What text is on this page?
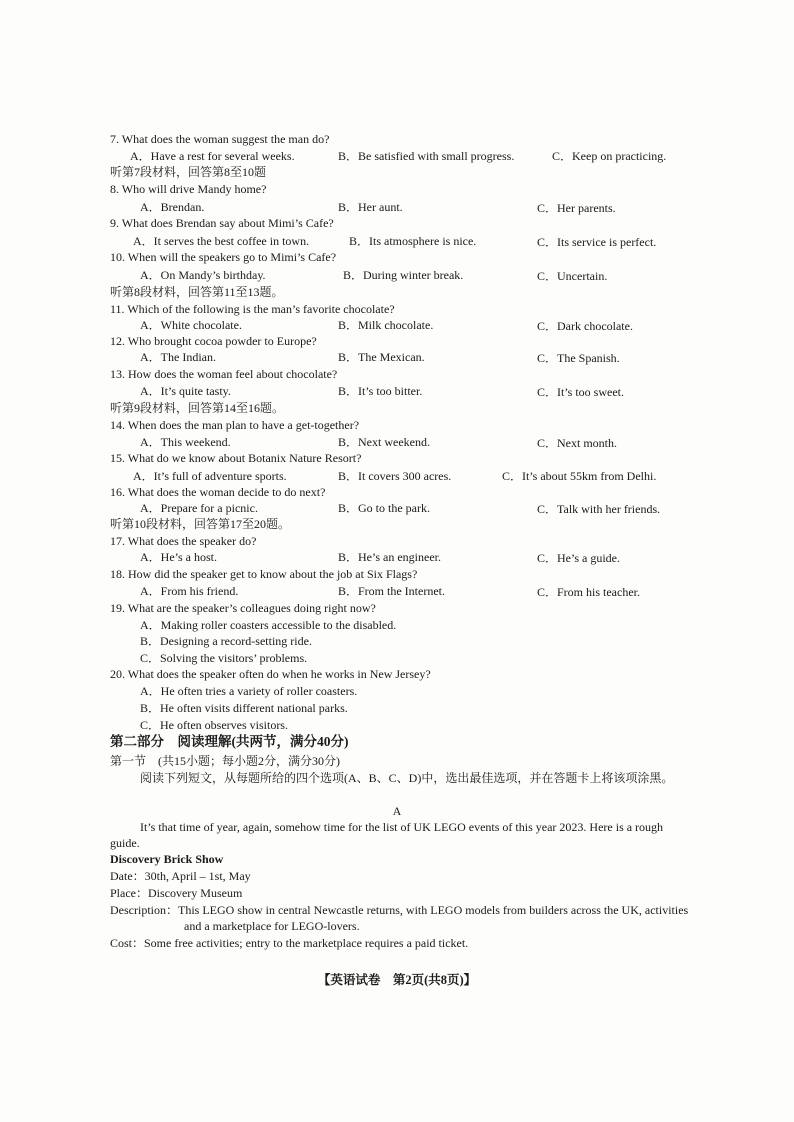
7. What does the woman suggest the man do?
A．Have a rest for several weeks.	B．Be satisfied with small progress.	C．Keep on practicing.
听第7段材料，回答第8至10题
8. Who will drive Mandy home?
A．Brendan.	B．Her aunt.	C．Her parents.
9. What does Brendan say about Mimi’s Cafe?
A．It serves the best coffee in town.	B．Its atmosphere is nice.	C．Its service is perfect.
10. When will the speakers go to Mimi’s Cafe?
A．On Mandy’s birthday.	B．During winter break.	C．Uncertain.
听第8段材料，回答第11至13题。
11. Which of the following is the man’s favorite chocolate?
A．White chocolate.	B．Milk chocolate.	C．Dark chocolate.
12. Who brought cocoa powder to Europe?
A．The Indian.	B．The Mexican.	C．The Spanish.
13. How does the woman feel about chocolate?
A．It’s quite tasty.	B．It’s too bitter.	C．It’s too sweet.
听第9段材料，回答第14至16题。
14. When does the man plan to have a get-together?
A．This weekend.	B．Next weekend.	C．Next month.
15. What do we know about Botanix Nature Resort?
A．It’s full of adventure sports.	B．It covers 300 acres.	C．It’s about 55km from Delhi.
16. What does the woman decide to do next?
A．Prepare for a picnic.	B．Go to the park.	C．Talk with her friends.
听第10段材料，回答第17至20题。
17. What does the speaker do?
A．He’s a host.	B．He’s an engineer.	C．He’s a guide.
18. How did the speaker get to know about the job at Six Flags?
A．From his friend.	B．From the Internet.	C．From his teacher.
19. What are the speaker’s colleagues doing right now?
A．Making roller coasters accessible to the disabled.
B．Designing a record-setting ride.
C．Solving the visitors’ problems.
20. What does the speaker often do when he works in New Jersey?
A．He often tries a variety of roller coasters.
B．He often visits different national parks.
C．He often observes visitors.
第二部分　阅读理解(共两节，满分40分)
第一节　(共15小题；每小题2分，满分30分)
阅读下列短文，从每题所给的四个选项(A、B、C、D)中，选出最佳选项，并在答题卡上将该项涂黑。
A
It’s that time of year, again, somehow time for the list of UK LEGO events of this year 2023. Here is a rough guide.
Discovery Brick Show
Date：30th, April – 1st, May
Place：Discovery Museum
Description：This LEGO show in central Newcastle returns, with LEGO models from builders across the UK, activities and a marketplace for LEGO-lovers.
Cost：Some free activities; entry to the marketplace requires a paid ticket.
【英语试卷　第2页(共8页)】
